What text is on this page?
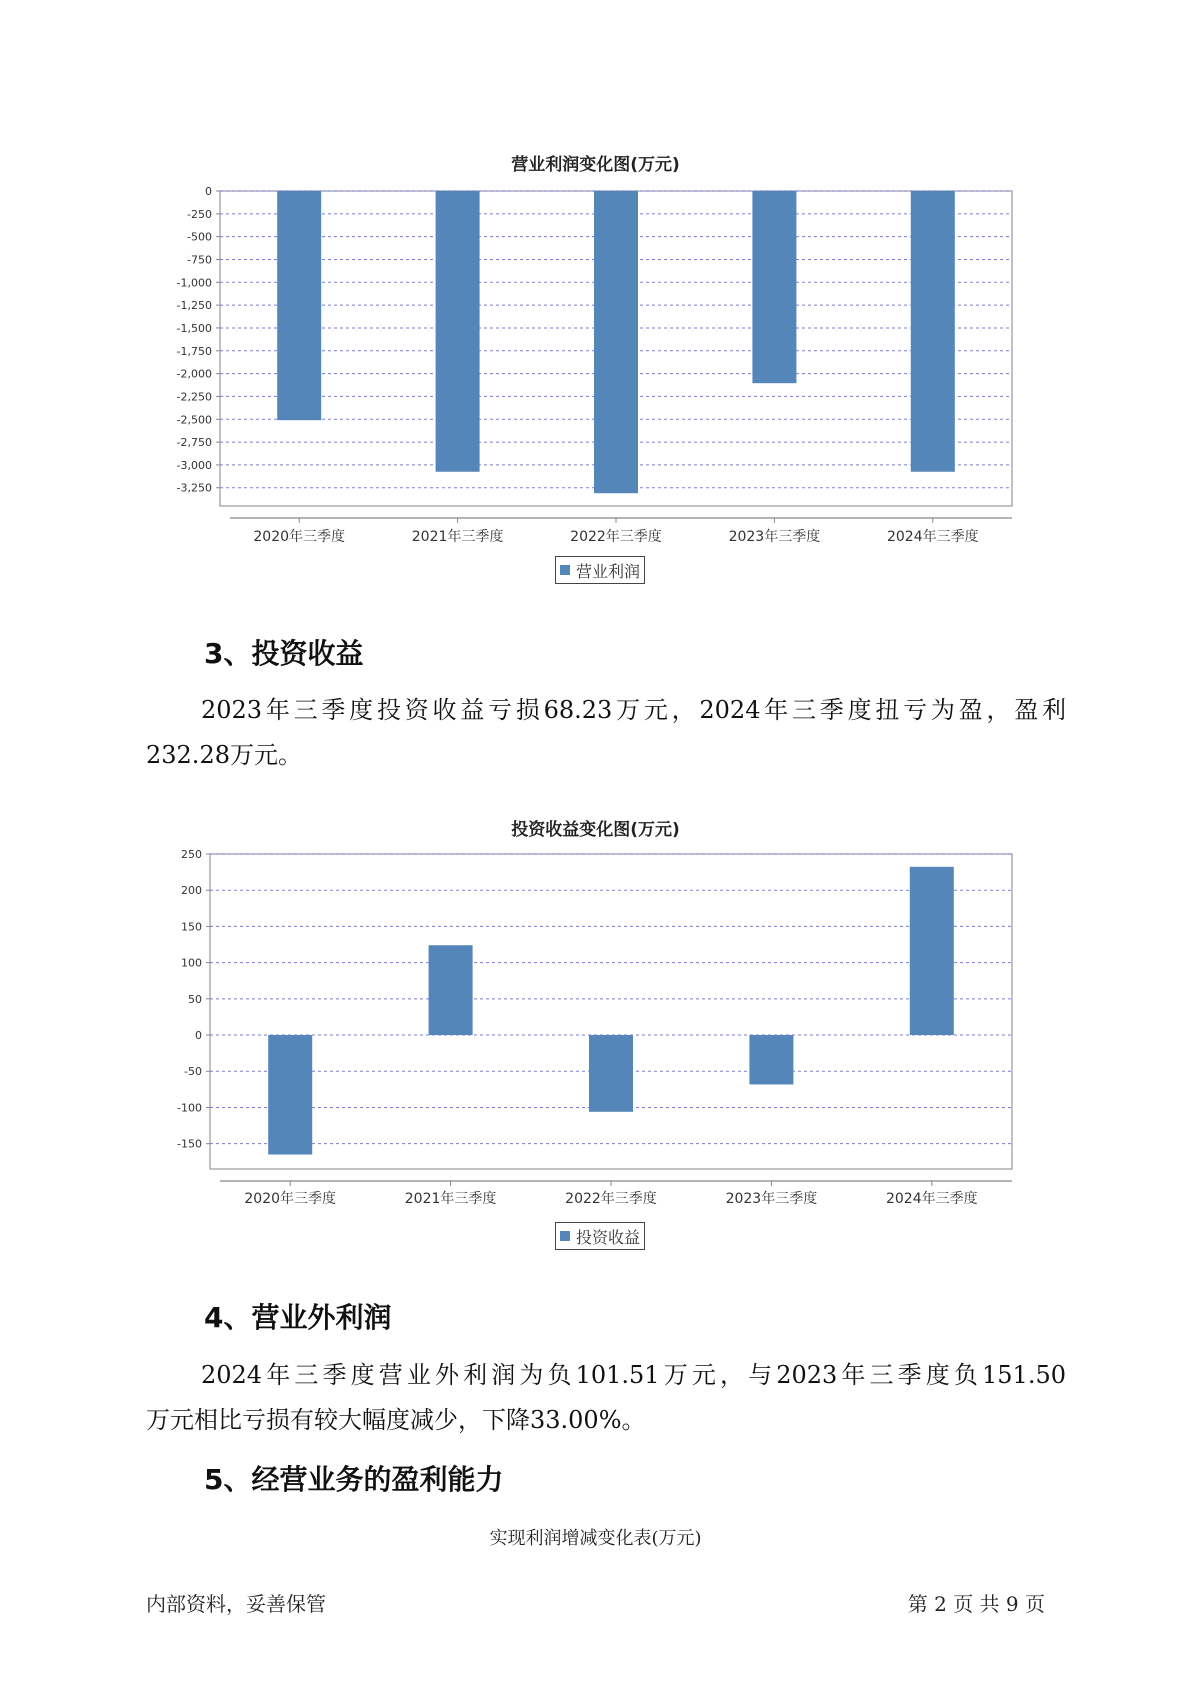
营业利润变化图(万元)
0
-250
-500
-750
-1,000
-1,250
-1,500
-1,750
-2,000
-2,250
-2,500
-2,750
-3,000
-3,250
2020年三季度	2021年三季度	2022年三季度	2023年三季度	2024年三季度
营业利润
3、投资收益

2023年三季度投资收益亏损68.23万元，2024年三季度扭亏为盈，盈利
232.28万元。

投资收益变化图(万元)
250
200
150
100
50
0
-50
-100
-150
2020年三季度	2021年三季度	2022年三季度	2023年三季度	2024年三季度
投资收益
4、营业外利润

2024年三季度营业外利润为负101.51万元，与2023年三季度负151.50
万元相比亏损有较大幅度减少，下降33.00%。

5、经营业务的盈利能力
实现利润增减变化表(万元)
内部资料，妥善保管	第 2 页 共 9 页
